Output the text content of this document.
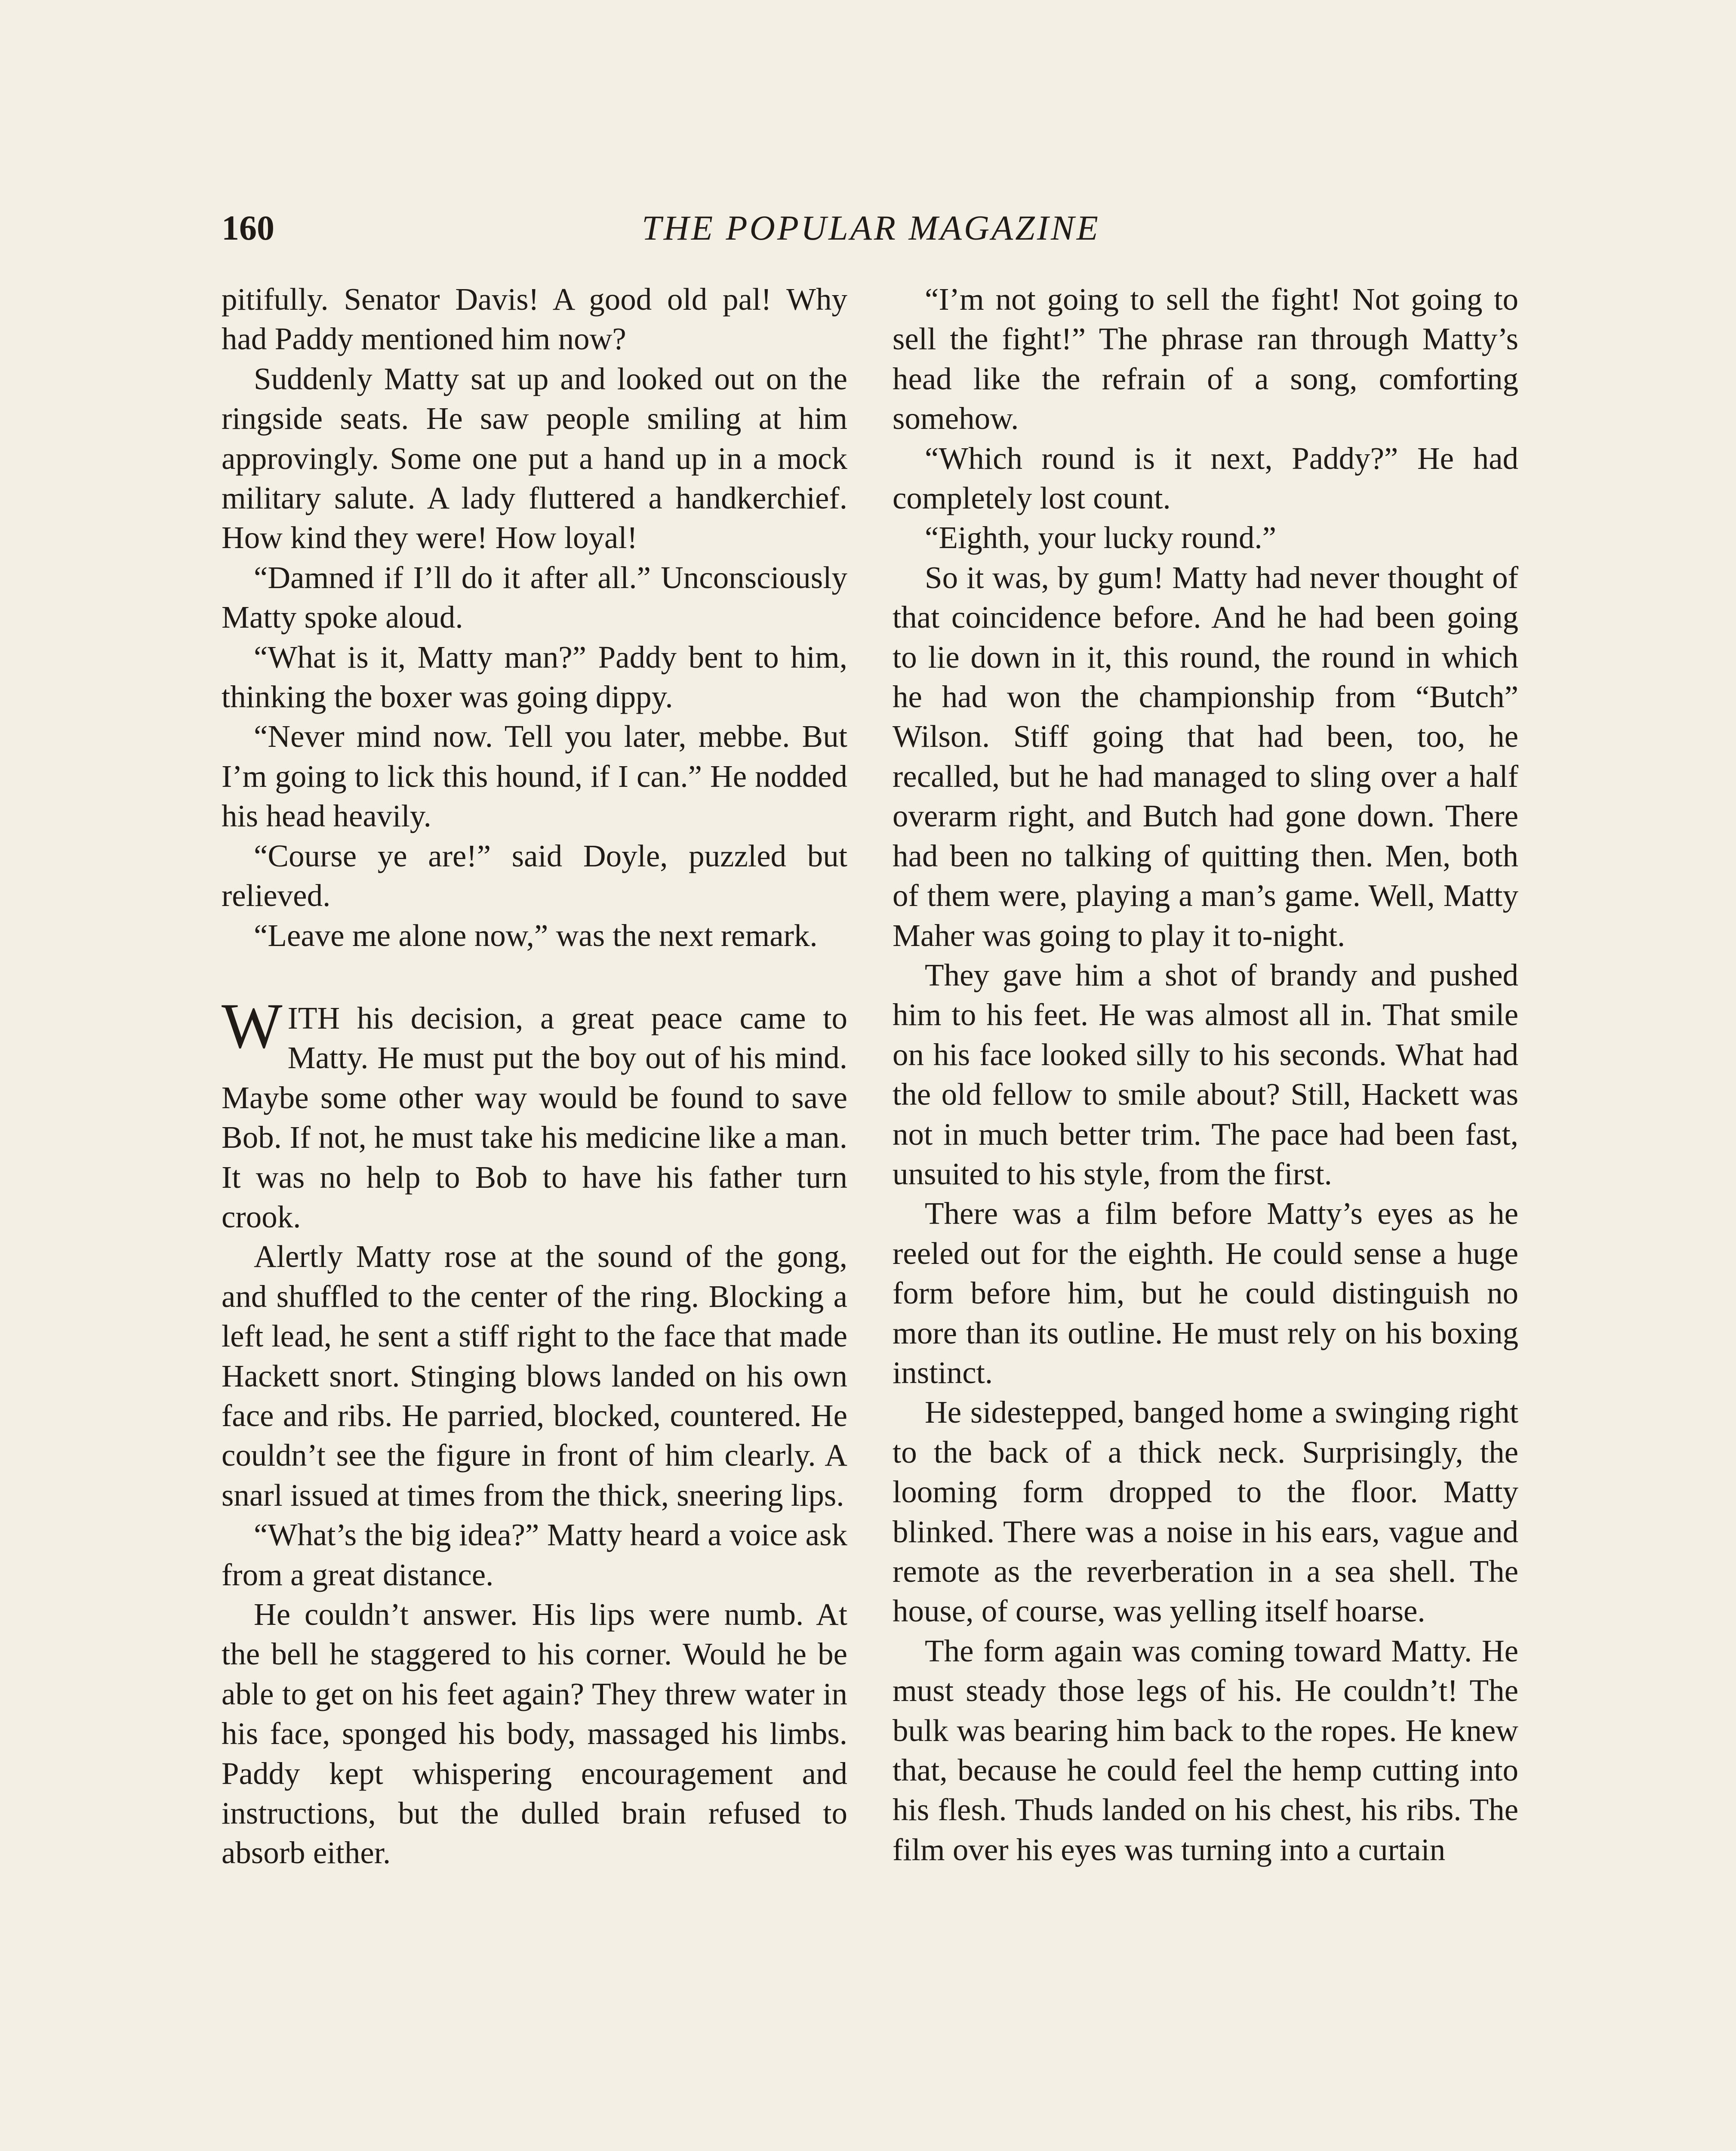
160	THE POPULAR MAGAZINE

pitifully. Senator Davis! A good old pal! Why had Paddy mentioned him now?

Suddenly Matty sat up and looked out on the ringside seats. He saw people smiling at him approvingly. Some one put a hand up in a mock military salute. A lady fluttered a handkerchief. How kind they were! How loyal!

“Damned if I’ll do it after all.” Unconsciously Matty spoke aloud.

“What is it, Matty man?” Paddy bent to him, thinking the boxer was going dippy.

“Never mind now. Tell you later, mebbe. But I’m going to lick this hound, if I can.” He nodded his head heavily.

“Course ye are!” said Doyle, puzzled but relieved.

“Leave me alone now,” was the next remark.

WITH his decision, a great peace came to Matty. He must put the boy out of his mind. Maybe some other way would be found to save Bob. If not, he must take his medicine like a man. It was no help to Bob to have his father turn crook.

Alertly Matty rose at the sound of the gong, and shuffled to the center of the ring. Blocking a left lead, he sent a stiff right to the face that made Hackett snort. Stinging blows landed on his own face and ribs. He parried, blocked, countered. He couldn’t see the figure in front of him clearly. A snarl issued at times from the thick, sneering lips.

“What’s the big idea?” Matty heard a voice ask from a great distance.

He couldn’t answer. His lips were numb. At the bell he staggered to his corner. Would he be able to get on his feet again? They threw water in his face, sponged his body, massaged his limbs. Paddy kept whispering encouragement and instructions, but the dulled brain refused to absorb either.

“I’m not going to sell the fight! Not going to sell the fight!” The phrase ran through Matty’s head like the refrain of a song, comforting somehow.

“Which round is it next, Paddy?” He had completely lost count.

“Eighth, your lucky round.”

So it was, by gum! Matty had never thought of that coincidence before. And he had been going to lie down in it, this round, the round in which he had won the championship from “Butch” Wilson. Stiff going that had been, too, he recalled, but he had managed to sling over a half overarm right, and Butch had gone down. There had been no talking of quitting then. Men, both of them were, playing a man’s game. Well, Matty Maher was going to play it to-night.

They gave him a shot of brandy and pushed him to his feet. He was almost all in. That smile on his face looked silly to his seconds. What had the old fellow to smile about? Still, Hackett was not in much better trim. The pace had been fast, unsuited to his style, from the first.

There was a film before Matty’s eyes as he reeled out for the eighth. He could sense a huge form before him, but he could distinguish no more than its outline. He must rely on his boxing instinct.

He sidestepped, banged home a swinging right to the back of a thick neck. Surprisingly, the looming form dropped to the floor. Matty blinked. There was a noise in his ears, vague and remote as the reverberation in a sea shell. The house, of course, was yelling itself hoarse.

The form again was coming toward Matty. He must steady those legs of his. He couldn’t! The bulk was bearing him back to the ropes. He knew that, because he could feel the hemp cutting into his flesh. Thuds landed on his chest, his ribs. The film over his eyes was turning into a curtain
